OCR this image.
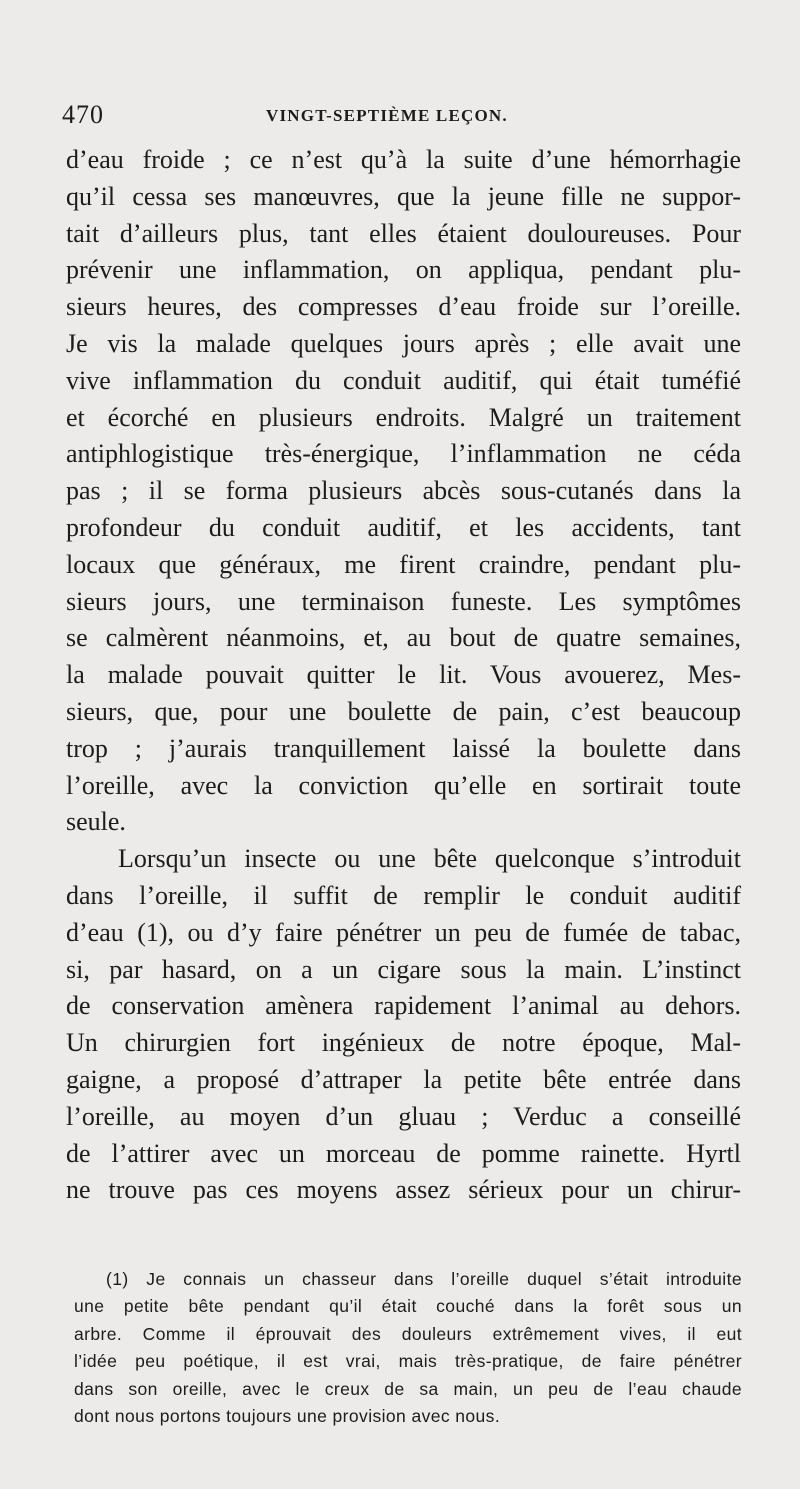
470	VINGT-SEPTIÈME LEÇON.
d’eau froide ; ce n’est qu’à la suite d’une hémorrhagie
qu’il cessa ses manœuvres, que la jeune fille ne suppor-
tait d’ailleurs plus, tant elles étaient douloureuses. Pour
prévenir une inflammation, on appliqua, pendant plu-
sieurs heures, des compresses d’eau froide sur l’oreille.
Je vis la malade quelques jours après ; elle avait une
vive inflammation du conduit auditif, qui était tuméfié
et écorché en plusieurs endroits. Malgré un traitement
antiphlogistique très-énergique, l’inflammation ne céda
pas ; il se forma plusieurs abcès sous-cutanés dans la
profondeur du conduit auditif, et les accidents, tant
locaux que généraux, me firent craindre, pendant plu-
sieurs jours, une terminaison funeste. Les symptômes
se calmèrent néanmoins, et, au bout de quatre semaines,
la malade pouvait quitter le lit. Vous avouerez, Mes-
sieurs, que, pour une boulette de pain, c’est beaucoup
trop ; j’aurais tranquillement laissé la boulette dans
l’oreille, avec la conviction qu’elle en sortirait toute
seule.
Lorsqu’un insecte ou une bête quelconque s’introduit
dans l’oreille, il suffit de remplir le conduit auditif
d’eau (1), ou d’y faire pénétrer un peu de fumée de tabac,
si, par hasard, on a un cigare sous la main. L’instinct
de conservation amènera rapidement l’animal au dehors.
Un chirurgien fort ingénieux de notre époque, Mal-
gaigne, a proposé d’attraper la petite bête entrée dans
l’oreille, au moyen d’un gluau ; Verduc a conseillé
de l’attirer avec un morceau de pomme rainette. Hyrtl
ne trouve pas ces moyens assez sérieux pour un chirur-
(1) Je connais un chasseur dans l’oreille duquel s’était introduite
une petite bête pendant qu’il était couché dans la forêt sous un
arbre. Comme il éprouvait des douleurs extrêmement vives, il eut
l’idée peu poétique, il est vrai, mais très-pratique, de faire pénétrer
dans son oreille, avec le creux de sa main, un peu de l’eau chaude
dont nous portons toujours une provision avec nous.
